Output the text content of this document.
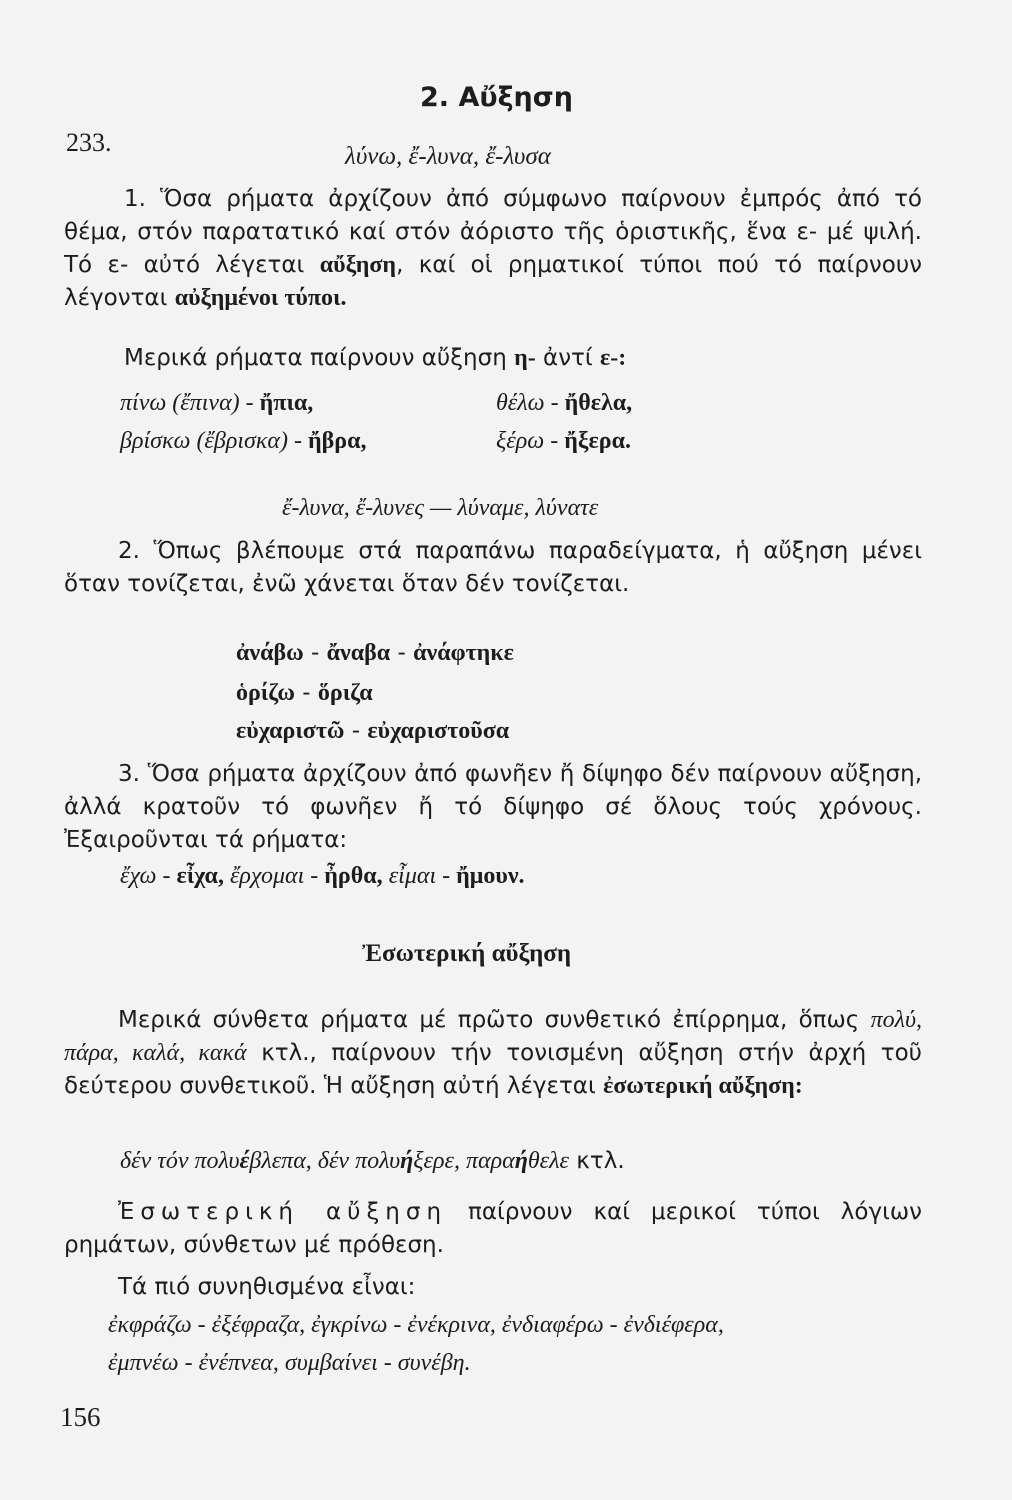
2. Αὔξηση
233.	λύνω, ἔ-λυνα, ἔ-λυσα
1. Ὅσα ρήματα ἀρχίζουν ἀπό σύμφωνο παίρνουν ἐμπρός ἀπό τό θέμα, στόν παρατατικό καί στόν ἀόριστο τῆς ὁριστικῆς, ἕνα ε- μέ ψιλή. Τό ε- αὐτό λέγεται αὔξηση, καί οἱ ρηματικοί τύποι πού τό παίρνουν λέγονται αὐξημένοι τύποι.
Μερικά ρήματα παίρνουν αὔξηση η- ἀντί ε-:
πίνω (ἔπινα) - ἤπια,	θέλω - ἤθελα,
βρίσκω (ἔβρισκα) - ἤβρα,	ξέρω - ἤξερα.
ἔ-λυνα, ἔ-λυνες — λύναμε, λύνατε
2. Ὅπως βλέπουμε στά παραπάνω παραδείγματα, ἡ αὔξηση μένει ὅταν τονίζεται, ἐνῶ χάνεται ὅταν δέν τονίζεται.
ἀνάβω - ἄναβα - ἀνάφτηκε
ὁρίζω - ὅριζα
εὐχαριστῶ - εὐχαριστοῦσα
3. Ὅσα ρήματα ἀρχίζουν ἀπό φωνῆεν ἤ δίψηφο δέν παίρνουν αὔξηση, ἀλλά κρατοῦν τό φωνῆεν ἤ τό δίψηφο σέ ὅλους τούς χρόνους. Ἐξαιροῦνται τά ρήματα:
ἔχω - εἶχα, ἔρχομαι - ἦρθα, εἶμαι - ἤμουν.
Ἐσωτερική αὔξηση
Μερικά σύνθετα ρήματα μέ πρῶτο συνθετικό ἐπίρρημα, ὅπως πολύ, πάρα, καλά, κακά κτλ., παίρνουν τήν τονισμένη αὔξηση στήν ἀρχή τοῦ δεύτερου συνθετικοῦ. Ἡ αὔξηση αὐτή λέγεται ἐσωτερική αὔξηση:
δέν τόν πολυέβλεπα, δέν πολυήξερε, παραήθελε κτλ.
Ἐσωτερική αὔξηση παίρνουν καί μερικοί τύποι λόγιων ρημάτων, σύνθετων μέ πρόθεση.
Τά πιό συνηθισμένα εἶναι:
ἐκφράζω - ἐξέφραζα, ἐγκρίνω - ἐνέκρινα, ἐνδιαφέρω - ἐνδιέφερα,
ἐμπνέω - ἐνέπνεα, συμβαίνει - συνέβη.
156
